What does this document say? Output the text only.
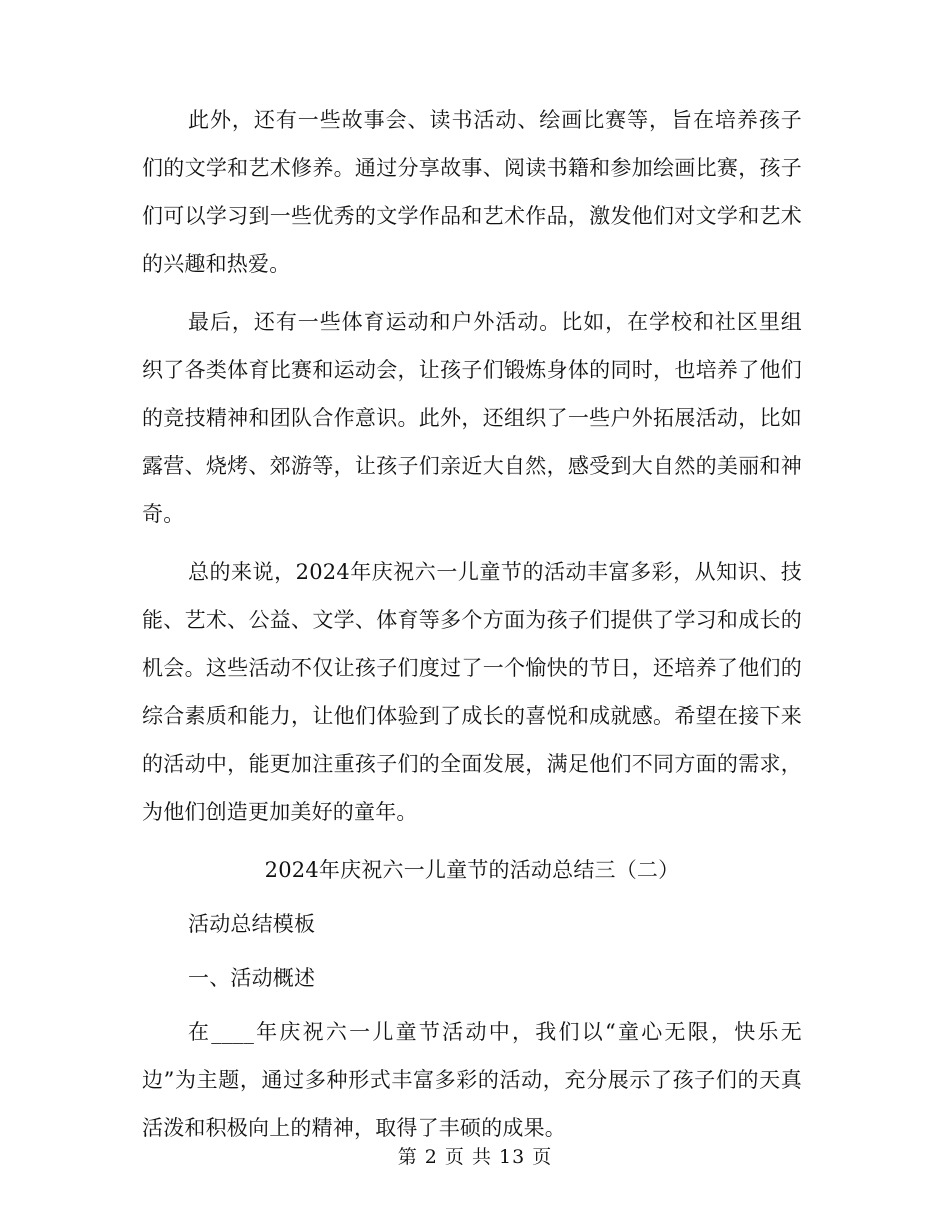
此外，还有一些故事会、读书活动、绘画比赛等，旨在培养孩子们的文学和艺术修养。通过分享故事、阅读书籍和参加绘画比赛，孩子们可以学习到一些优秀的文学作品和艺术作品，激发他们对文学和艺术的兴趣和热爱。

最后，还有一些体育运动和户外活动。比如，在学校和社区里组织了各类体育比赛和运动会，让孩子们锻炼身体的同时，也培养了他们的竞技精神和团队合作意识。此外，还组织了一些户外拓展活动，比如露营、烧烤、郊游等，让孩子们亲近大自然，感受到大自然的美丽和神奇。

总的来说，2024年庆祝六一儿童节的活动丰富多彩，从知识、技能、艺术、公益、文学、体育等多个方面为孩子们提供了学习和成长的机会。这些活动不仅让孩子们度过了一个愉快的节日，还培养了他们的综合素质和能力，让他们体验到了成长的喜悦和成就感。希望在接下来的活动中，能更加注重孩子们的全面发展，满足他们不同方面的需求，为他们创造更加美好的童年。

2024年庆祝六一儿童节的活动总结三（二）

活动总结模板

一、活动概述

在____年庆祝六一儿童节活动中，我们以“童心无限，快乐无边”为主题，通过多种形式丰富多彩的活动，充分展示了孩子们的天真活泼和积极向上的精神，取得了丰硕的成果。

第 2 页 共 13 页
